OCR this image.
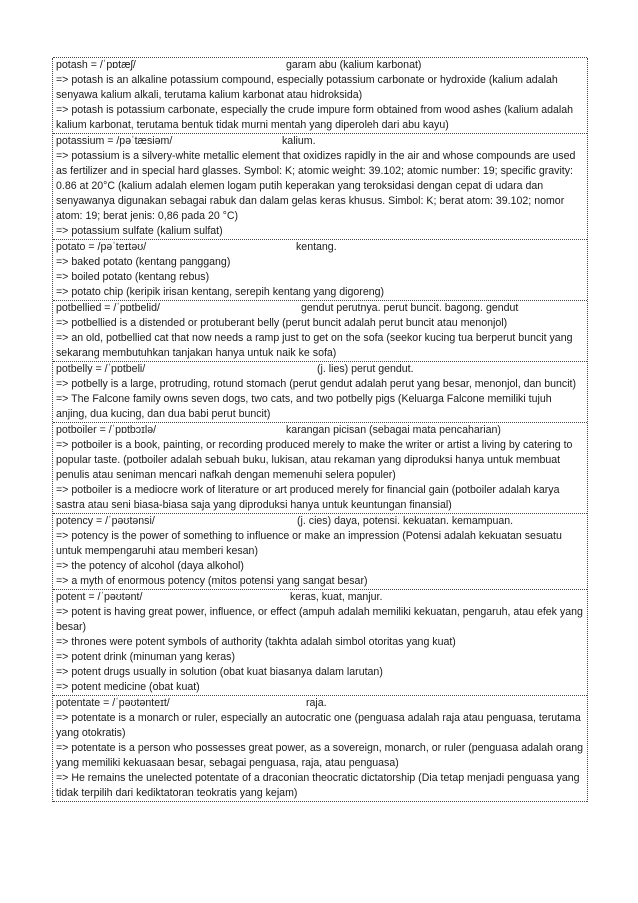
potash = /ˈpɒtæʃ/	garam abu (kalium karbonat)
=> potash is an alkaline potassium compound, especially potassium carbonate or hydroxide (kalium adalah senyawa kalium alkali, terutama kalium karbonat atau hidroksida)
=> potash is potassium carbonate, especially the crude impure form obtained from wood ashes (kalium adalah kalium karbonat, terutama bentuk tidak murni mentah yang diperoleh dari abu kayu)
potassium = /pəˈtæsiəm/	kalium.
=> potassium is a silvery-white metallic element that oxidizes rapidly in the air and whose compounds are used as fertilizer and in special hard glasses. Symbol: K; atomic weight: 39.102; atomic number: 19; specific gravity: 0.86 at 20°C (kalium adalah elemen logam putih keperakan yang teroksidasi dengan cepat di udara dan senyawanya digunakan sebagai rabuk dan dalam gelas keras khusus. Simbol: K; berat atom: 39.102; nomor atom: 19; berat jenis: 0,86 pada 20 °C)
=> potassium sulfate (kalium sulfat)
potato = /pəˈteɪtəʊ/	kentang.
=> baked potato (kentang panggang)
=> boiled potato (kentang rebus)
=> potato chip (keripik irisan kentang, serepih kentang yang digoreng)
potbellied = /ˈpɒtbelid/	gendut perutnya. perut buncit. bagong. gendut
=> potbellied is a distended or protuberant belly (perut buncit adalah perut buncit atau menonjol)
=> an old, potbellied cat that now needs a ramp just to get on the sofa (seekor kucing tua berperut buncit yang sekarang membutuhkan tanjakan hanya untuk naik ke sofa)
potbelly = /ˈpɒtbeli/	(j. lies) perut gendut.
=> potbelly is a large, protruding, rotund stomach (perut gendut adalah perut yang besar, menonjol, dan buncit)
=> The Falcone family owns seven dogs, two cats, and two potbelly pigs (Keluarga Falcone memiliki tujuh anjing, dua kucing, dan dua babi perut buncit)
potboiler = /ˈpɒtbɔɪlə/	karangan picisan (sebagai mata pencaharian)
=> potboiler is a book, painting, or recording produced merely to make the writer or artist a living by catering to popular taste. (potboiler adalah sebuah buku, lukisan, atau rekaman yang diproduksi hanya untuk membuat penulis atau seniman mencari nafkah dengan memenuhi selera populer)
=> potboiler is a mediocre work of literature or art produced merely for financial gain (potboiler adalah karya sastra atau seni biasa-biasa saja yang diproduksi hanya untuk keuntungan finansial)
potency = /ˈpəʊtənsi/	(j. cies) daya, potensi. kekuatan. kemampuan.
=> potency is the power of something to influence or make an impression (Potensi adalah kekuatan sesuatu untuk mempengaruhi atau memberi kesan)
=> the potency of alcohol (daya alkohol)
=> a myth of enormous potency (mitos potensi yang sangat besar)
potent = /ˈpəʊtənt/	keras, kuat, manjur.
=> potent is having great power, influence, or effect (ampuh adalah memiliki kekuatan, pengaruh, atau efek yang besar)
=> thrones were potent symbols of authority (takhta adalah simbol otoritas yang kuat)
=> potent drink (minuman yang keras)
=> potent drugs usually in solution (obat kuat biasanya dalam larutan)
=> potent medicine (obat kuat)
potentate = /ˈpəʊtənteɪt/	raja.
=> potentate is a monarch or ruler, especially an autocratic one (penguasa adalah raja atau penguasa, terutama yang otokratis)
=> potentate is a person who possesses great power, as a sovereign, monarch, or ruler (penguasa adalah orang yang memiliki kekuasaan besar, sebagai penguasa, raja, atau penguasa)
=> He remains the unelected potentate of a draconian theocratic dictatorship (Dia tetap menjadi penguasa yang tidak terpilih dari kediktatoran teokratis yang kejam)
